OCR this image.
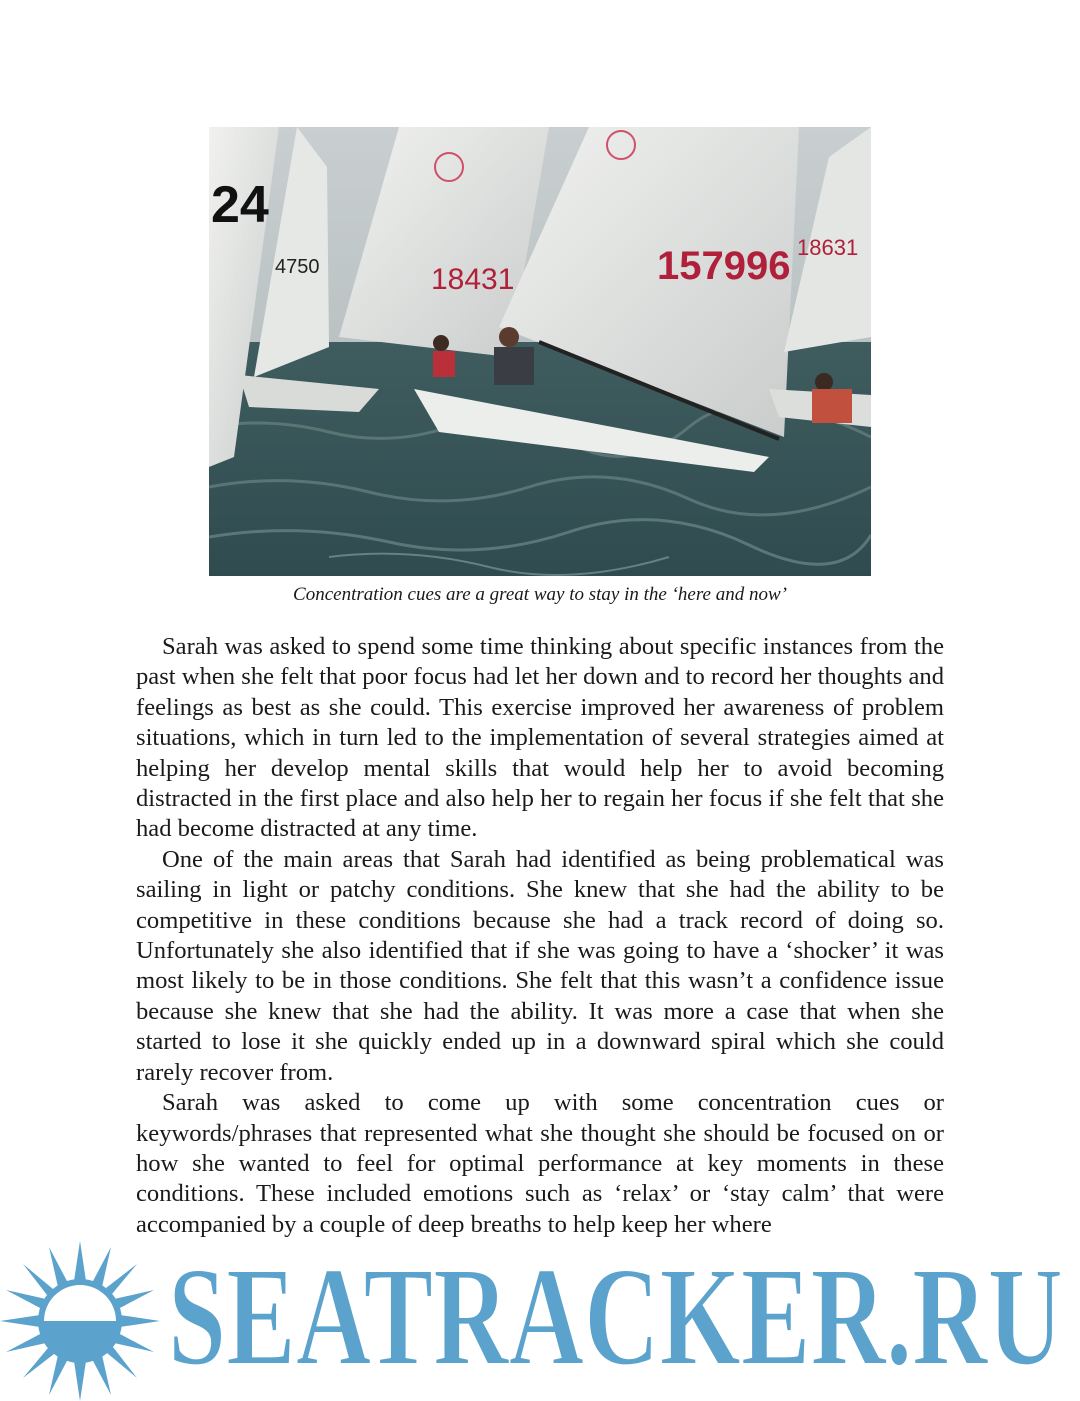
24
4750	18431	157996 18631
Concentration cues are a great way to stay in the ‘here and now’

Sarah was asked to spend some time thinking about specific instances from the past when she felt that poor focus had let her down and to record her thoughts and feelings as best as she could. This exercise improved her awareness of problem situations, which in turn led to the implementation of several strategies aimed at helping her develop mental skills that would help her to avoid becoming distracted in the first place and also help her to regain her focus if she felt that she had become distracted at any time.

One of the main areas that Sarah had identified as being problematical was sailing in light or patchy conditions. She knew that she had the ability to be competitive in these conditions because she had a track record of doing so. Unfortunately she also identified that if she was going to have a ‘shocker’ it was most likely to be in those conditions. She felt that this wasn’t a confidence issue because she knew that she had the ability. It was more a case that when she started to lose it she quickly ended up in a downward spiral which she could rarely recover from.

Sarah was asked to come up with some concentration cues or keywords/phrases that represented what she thought she should be focused on or how she wanted to feel for optimal performance at key moments in these conditions. These included emotions such as ‘relax’ or ‘stay calm’ that were accompanied by a couple of deep breaths to help keep her where

SEATRACKER.RU
